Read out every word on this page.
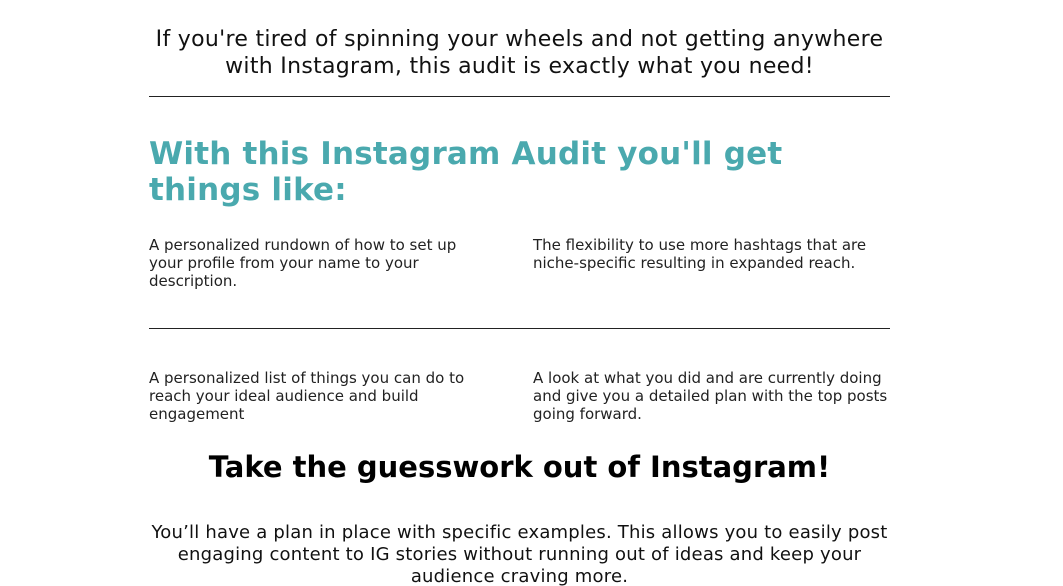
If you're tired of spinning your wheels and not getting anywhere with Instagram, this audit is exactly what you need!

With this Instagram Audit you'll get things like:
A personalized rundown of how to set up your profile from your name to your description.
The flexibility to use more hashtags that are niche-specific resulting in expanded reach.
A personalized list of things you can do to reach your ideal audience and build engagement
A look at what you did and are currently doing and give you a detailed plan with the top posts going forward.
Take the guesswork out of Instagram!

You’ll have a plan in place with specific examples. This allows you to easily post engaging content to IG stories without running out of ideas and keep your audience craving more.
